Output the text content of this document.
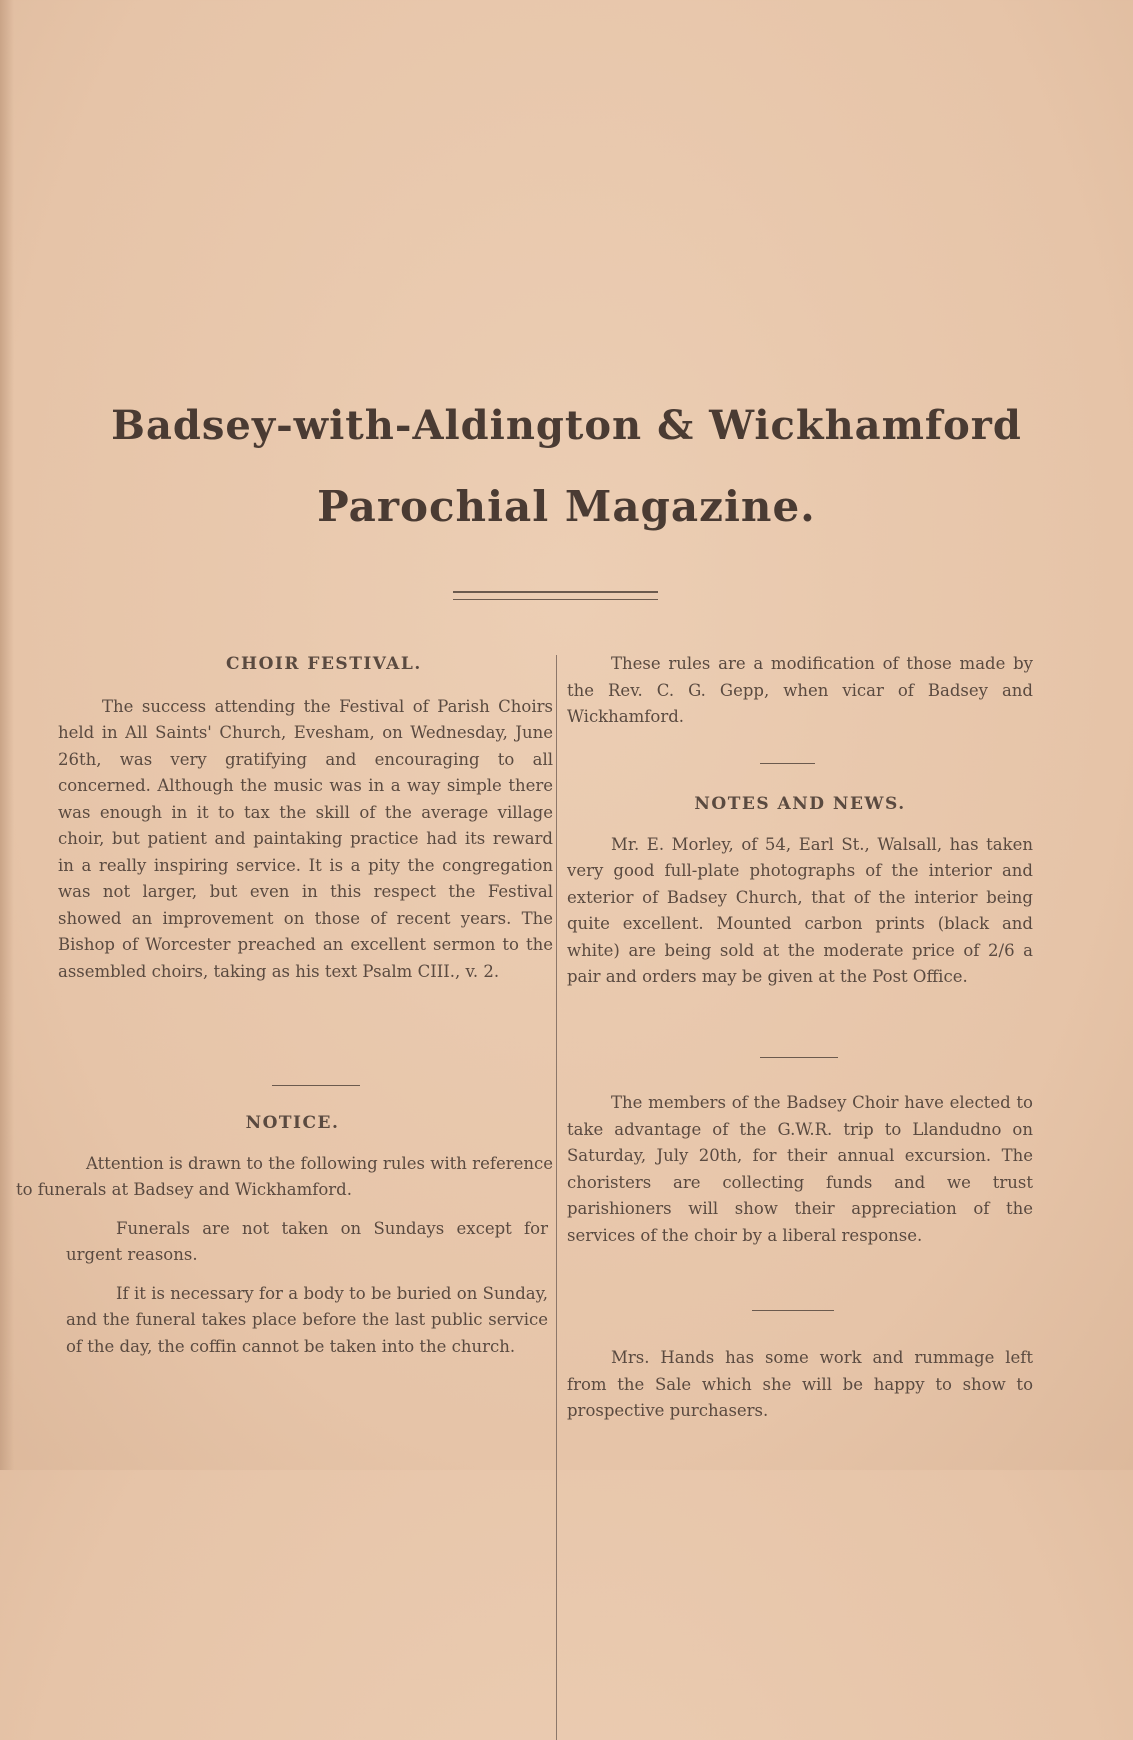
Badsey-with-Aldington & Wickhamford
Parochial Magazine.
CHOIR FESTIVAL.

The success attending the Festival of Parish Choirs held in All Saints' Church, Evesham, on Wednesday, June 26th, was very gratifying and encouraging to all concerned. Although the music was in a way simple there was enough in it to tax the skill of the average village choir, but patient and paintaking practice had its reward in a really inspiring service. It is a pity the congregation was not larger, but even in this respect the Festival showed an improvement on those of recent years. The Bishop of Worcester preached an excellent sermon to the assembled choirs, taking as his text Psalm CIII., v. 2.

NOTICE.

Attention is drawn to the following rules with reference to funerals at Badsey and Wickhamford.

Funerals are not taken on Sundays except for urgent reasons.

If it is necessary for a body to be buried on Sunday, and the funeral takes place before the last public service of the day, the coffin cannot be taken into the church.

These rules are a modification of those made by the Rev. C. G. Gepp, when vicar of Badsey and Wickhamford.

NOTES AND NEWS.

Mr. E. Morley, of 54, Earl St., Walsall, has taken very good full-plate photographs of the interior and exterior of Badsey Church, that of the interior being quite excellent. Mounted carbon prints (black and white) are being sold at the moderate price of 2/6 a pair and orders may be given at the Post Office.

The members of the Badsey Choir have elected to take advantage of the G.W.R. trip to Llandudno on Saturday, July 20th, for their annual excursion. The choristers are collecting funds and we trust parishioners will show their appreciation of the services of the choir by a liberal response.

Mrs. Hands has some work and rummage left from the Sale which she will be happy to show to prospective purchasers.
